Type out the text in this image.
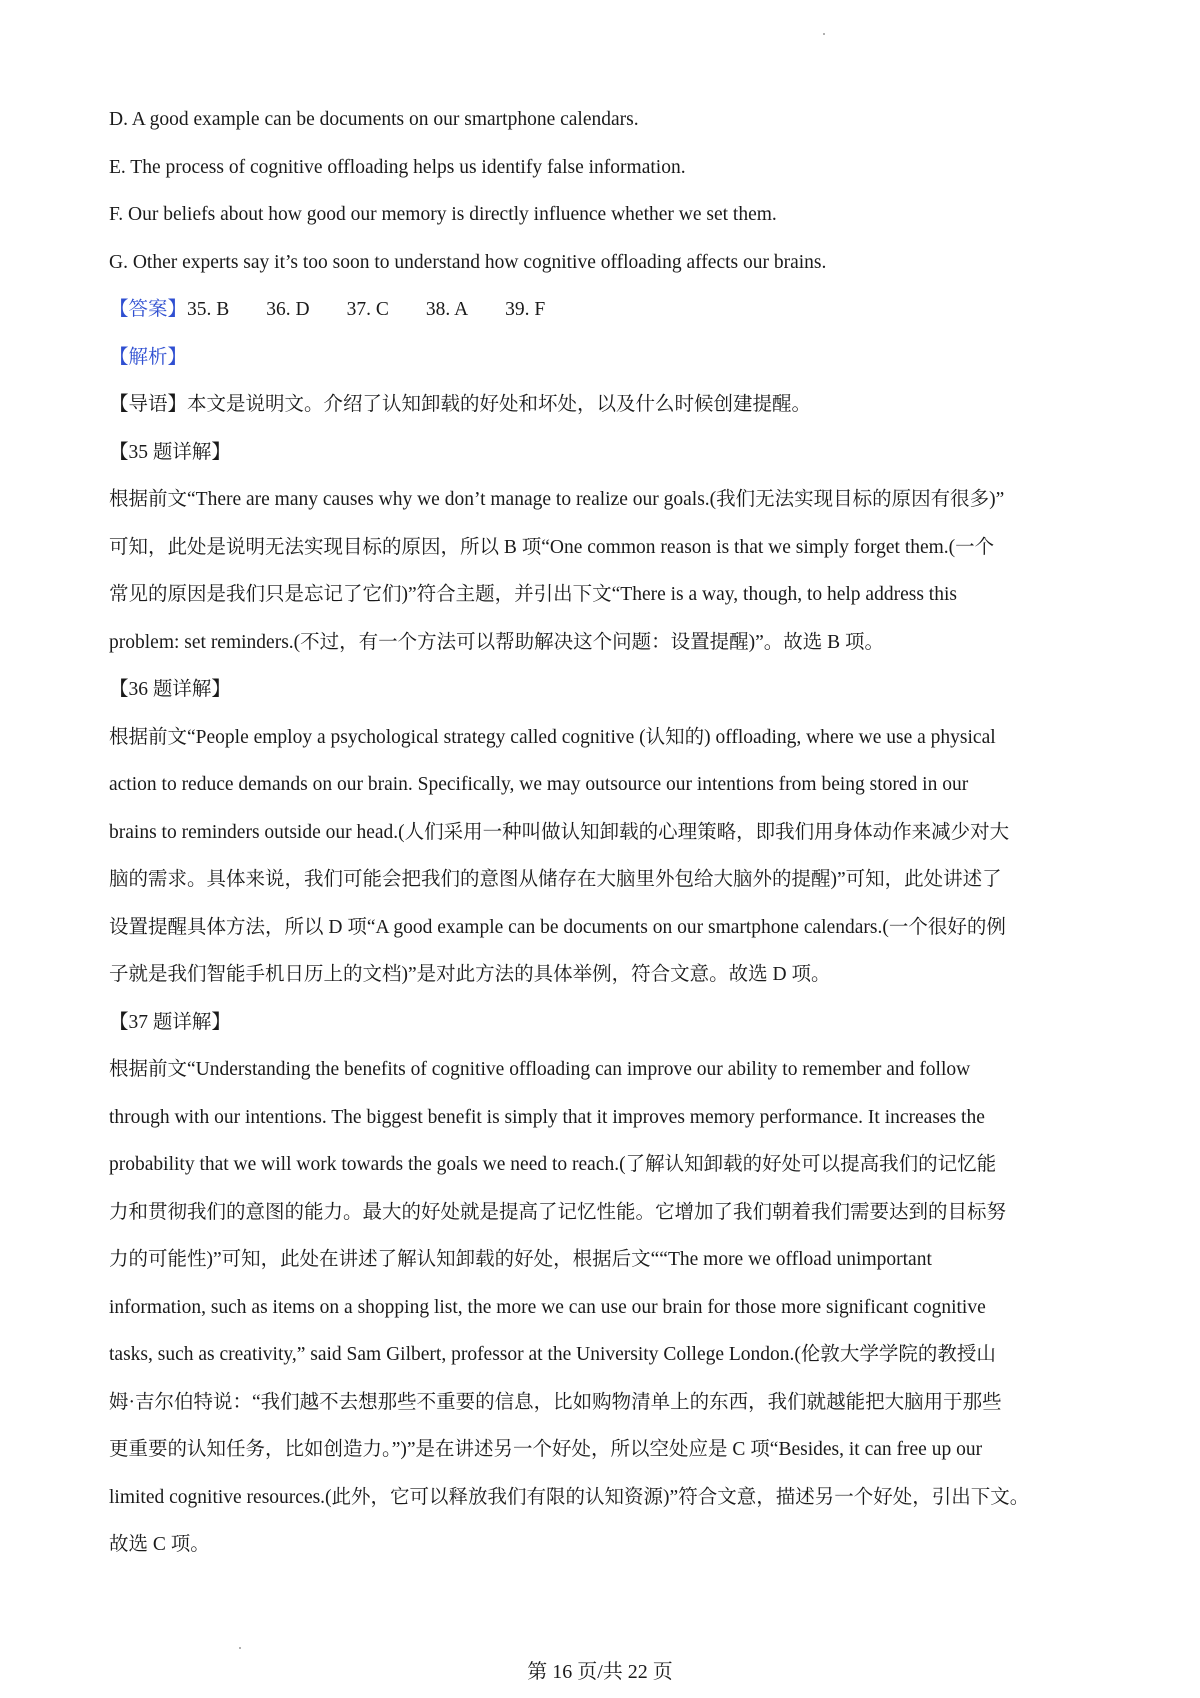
D. A good example can be documents on our smartphone calendars.
E. The process of cognitive offloading helps us identify false information.
F. Our beliefs about how good our memory is directly influence whether we set them.
G. Other experts say it’s too soon to understand how cognitive offloading affects our brains.
【答案】35. B 36. D 37. C 38. A 39. F
【解析】
【导语】本文是说明文。介绍了认知卸载的好处和坏处，以及什么时候创建提醒。
【35 题详解】
根据前文“There are many causes why we don’t manage to realize our goals.(我们无法实现目标的原因有很多)”
可知，此处是说明无法实现目标的原因，所以 B 项“One common reason is that we simply forget them.(一个
常见的原因是我们只是忘记了它们)”符合主题，并引出下文“There is a way, though, to help address this
problem: set reminders.(不过，有一个方法可以帮助解决这个问题：设置提醒)”。故选 B 项。
【36 题详解】
根据前文“People employ a psychological strategy called cognitive (认知的) offloading, where we use a physical
action to reduce demands on our brain. Specifically, we may outsource our intentions from being stored in our
brains to reminders outside our head.(人们采用一种叫做认知卸载的心理策略，即我们用身体动作来减少对大
脑的需求。具体来说，我们可能会把我们的意图从储存在大脑里外包给大脑外的提醒)”可知，此处讲述了
设置提醒具体方法，所以 D 项“A good example can be documents on our smartphone calendars.(一个很好的例
子就是我们智能手机日历上的文档)”是对此方法的具体举例，符合文意。故选 D 项。
【37 题详解】
根据前文“Understanding the benefits of cognitive offloading can improve our ability to remember and follow
through with our intentions. The biggest benefit is simply that it improves memory performance. It increases the
probability that we will work towards the goals we need to reach.(了解认知卸载的好处可以提高我们的记忆能
力和贯彻我们的意图的能力。最大的好处就是提高了记忆性能。它增加了我们朝着我们需要达到的目标努
力的可能性)”可知，此处在讲述了解认知卸载的好处，根据后文““The more we offload unimportant
information, such as items on a shopping list, the more we can use our brain for those more significant cognitive
tasks, such as creativity,” said Sam Gilbert, professor at the University College London.(伦敦大学学院的教授山
姆·吉尔伯特说：“我们越不去想那些不重要的信息，比如购物清单上的东西，我们就越能把大脑用于那些
更重要的认知任务，比如创造力。”)”是在讲述另一个好处，所以空处应是 C 项“Besides, it can free up our
limited cognitive resources.(此外，它可以释放我们有限的认知资源)”符合文意，描述另一个好处，引出下文。
故选 C 项。
第 16 页/共 22 页
